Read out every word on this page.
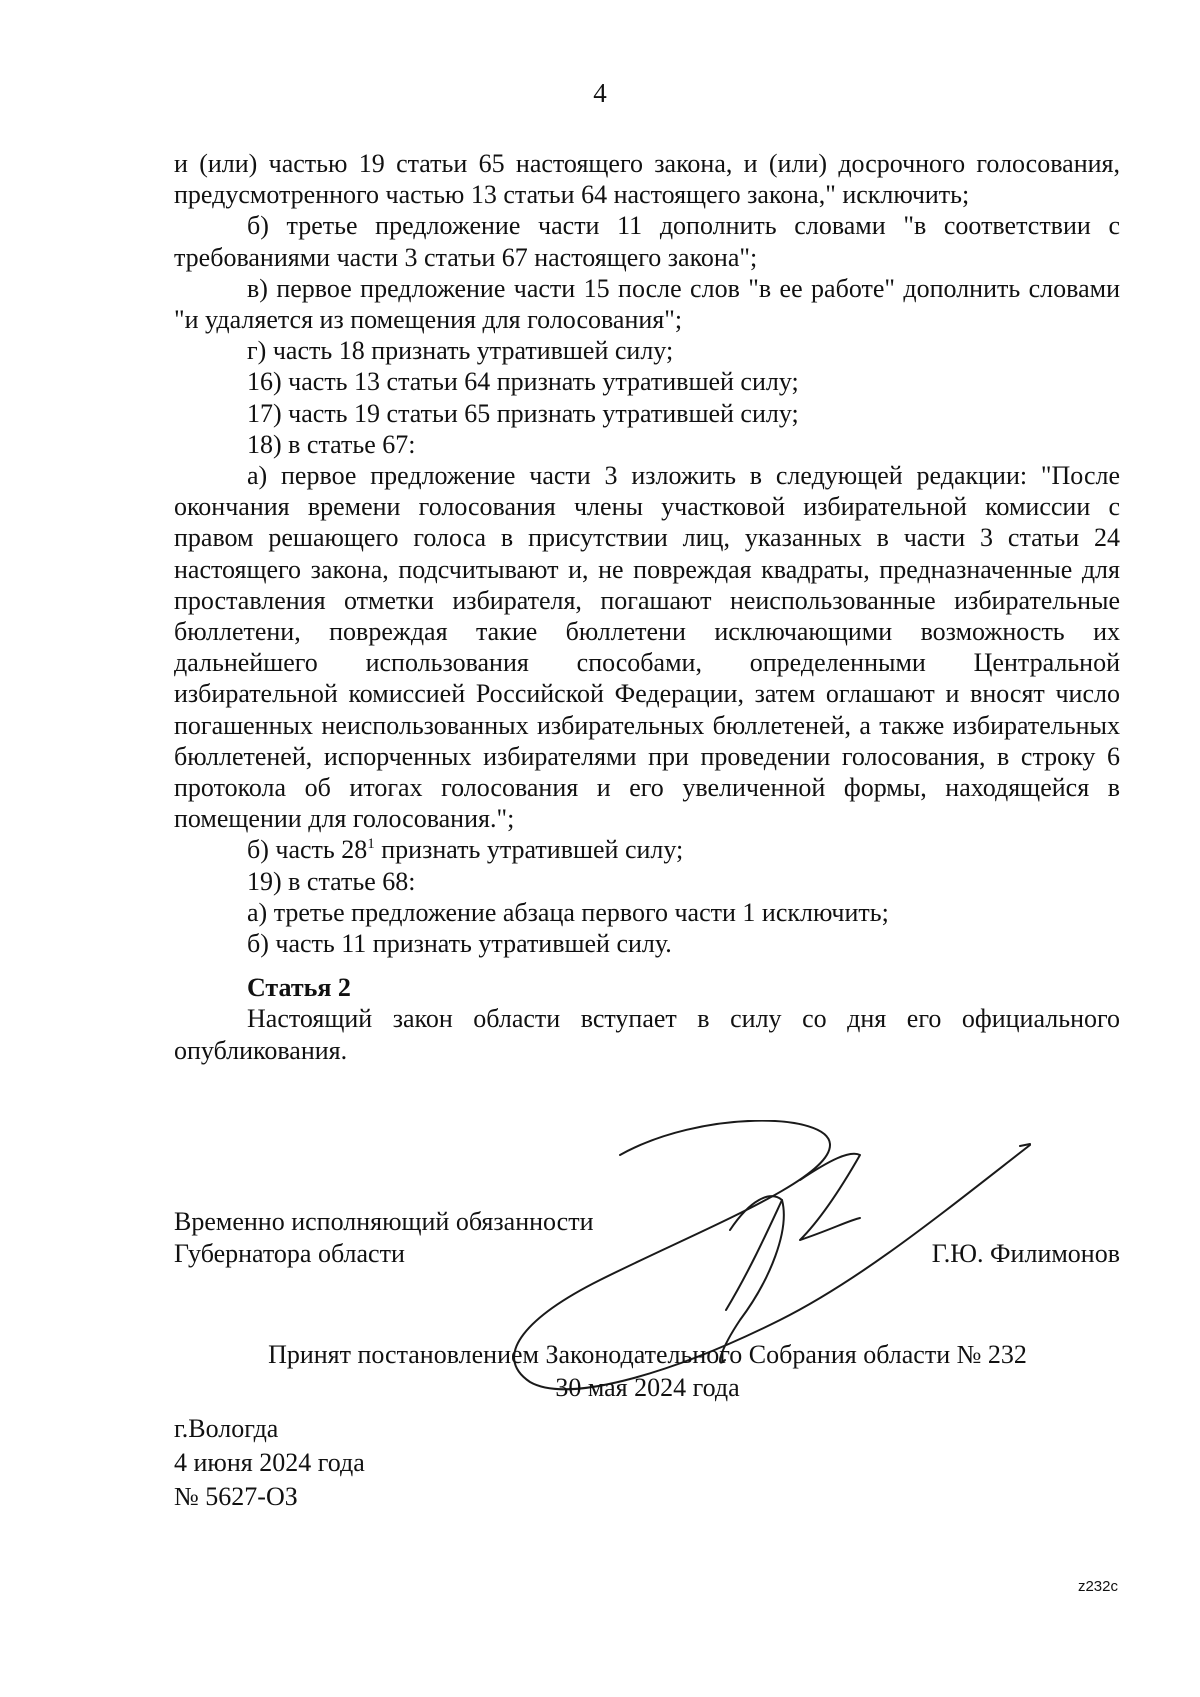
4

и (или) частью 19 статьи 65 настоящего закона, и (или) досрочного голосования, предусмотренного частью 13 статьи 64 настоящего закона," исключить;

б) третье предложение части 11 дополнить словами "в соответствии с требованиями части 3 статьи 67 настоящего закона";

в) первое предложение части 15 после слов "в ее работе" дополнить словами "и удаляется из помещения для голосования";

г) часть 18 признать утратившей силу;

16) часть 13 статьи 64 признать утратившей силу;

17) часть 19 статьи 65 признать утратившей силу;

18) в статье 67:

а) первое предложение части 3 изложить в следующей редакции: "После окончания времени голосования члены участковой избирательной комиссии с правом решающего голоса в присутствии лиц, указанных в части 3 статьи 24 настоящего закона, подсчитывают и, не повреждая квадраты, предназначенные для проставления отметки избирателя, погашают неиспользованные избирательные бюллетени, повреждая такие бюллетени исключающими возможность их дальнейшего использования способами, определенными Центральной избирательной комиссией Российской Федерации, затем оглашают и вносят число погашенных неиспользованных избирательных бюллетеней, а также избирательных бюллетеней, испорченных избирателями при проведении голосования, в строку 6 протокола об итогах голосования и его увеличенной формы, находящейся в помещении для голосования.";

б) часть $28^1$ признать утратившей силу;

19) в статье 68:

а) третье предложение абзаца первого части 1 исключить;

б) часть 11 признать утратившей силу.

Статья 2

Настоящий закон области вступает в силу со дня его официального опубликования.

Временно исполняющий обязанности
Губернатора области	Г.Ю. Филимонов
Принят постановлением Законодательного Собрания области № 232
30 мая 2024 года
г.Вологда
4 июня 2024 года
№ 5627-ОЗ
z232c
